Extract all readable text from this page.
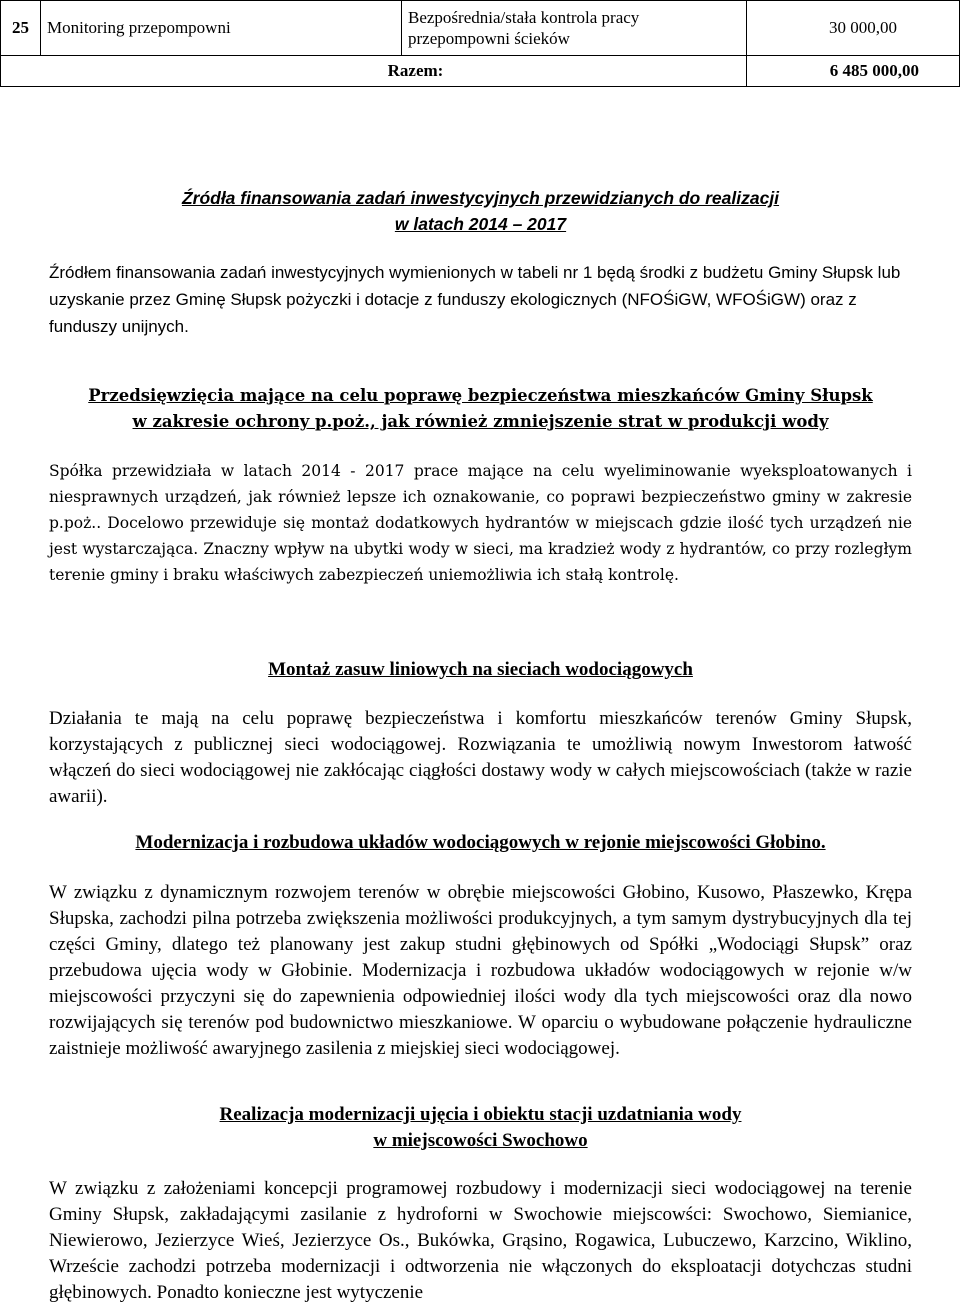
25	Monitoring przepompowni	Bezpośrednia/stała kontrola pracy
przepompowni ścieków	30 000,00
Razem:			6 485 000,00
Źródła finansowania zadań inwestycyjnych przewidzianych do realizacji
w latach 2014 – 2017
Źródłem finansowania zadań inwestycyjnych wymienionych w tabeli nr 1 będą środki z budżetu Gminy Słupsk lub uzyskanie przez Gminę Słupsk pożyczki i dotacje z funduszy ekologicznych (NFOŚiGW, WFOŚiGW) oraz z funduszy unijnych.
Przedsięwzięcia mające na celu poprawę bezpieczeństwa mieszkańców Gminy Słupsk
w zakresie ochrony p.poż., jak również zmniejszenie strat w produkcji wody
Spółka przewidziała w latach 2014 - 2017 prace mające na celu wyeliminowanie wyeksploatowanych i niesprawnych urządzeń, jak również lepsze ich oznakowanie, co poprawi bezpieczeństwo gminy w zakresie p.poż.. Docelowo przewiduje się montaż dodatkowych hydrantów w miejscach gdzie ilość tych urządzeń nie jest wystarczająca. Znaczny wpływ na ubytki wody w sieci, ma kradzież wody z hydrantów, co przy rozległym terenie gminy i braku właściwych zabezpieczeń uniemożliwia ich stałą kontrolę.
Montaż zasuw liniowych na sieciach wodociągowych
Działania te mają na celu poprawę bezpieczeństwa i komfortu mieszkańców terenów Gminy Słupsk, korzystających z publicznej sieci wodociągowej. Rozwiązania te umożliwią nowym Inwestorom łatwość włączeń do sieci wodociągowej nie zakłócając ciągłości dostawy wody w całych miejscowościach (także w razie awarii).
Modernizacja i rozbudowa układów wodociągowych w rejonie miejscowości Głobino.
W związku z dynamicznym rozwojem terenów w obrębie miejscowości Głobino, Kusowo, Płaszewko, Krępa Słupska, zachodzi pilna potrzeba zwiększenia możliwości produkcyjnych, a tym samym dystrybucyjnych dla tej części Gminy, dlatego też planowany jest zakup studni głębinowych od Spółki „Wodociągi Słupsk” oraz przebudowa ujęcia wody w Głobinie. Modernizacja i rozbudowa układów wodociągowych w rejonie w/w miejscowości przyczyni się do zapewnienia odpowiedniej ilości wody dla tych miejscowości oraz dla nowo rozwijających się terenów pod budownictwo mieszkaniowe. W oparciu o wybudowane połączenie hydrauliczne zaistnieje możliwość awaryjnego zasilenia z miejskiej sieci wodociągowej.
Realizacja modernizacji ujęcia i obiektu stacji uzdatniania wody
w miejscowości Swochowo
W związku z założeniami koncepcji programowej rozbudowy i modernizacji sieci wodociągowej na terenie Gminy Słupsk, zakładającymi zasilanie z hydroforni w Swochowie miejscowści: Swochowo, Siemianice, Niewierowo, Jezierzyce Wieś, Jezierzyce Os., Bukówka, Grąsino, Rogawica, Lubuczewo, Karzcino, Wiklino, Wrzeście zachodzi potrzeba modernizacji i odtworzenia nie włączonych do eksploatacji dotychczas studni głębinowych. Ponadto konieczne jest wytyczenie
